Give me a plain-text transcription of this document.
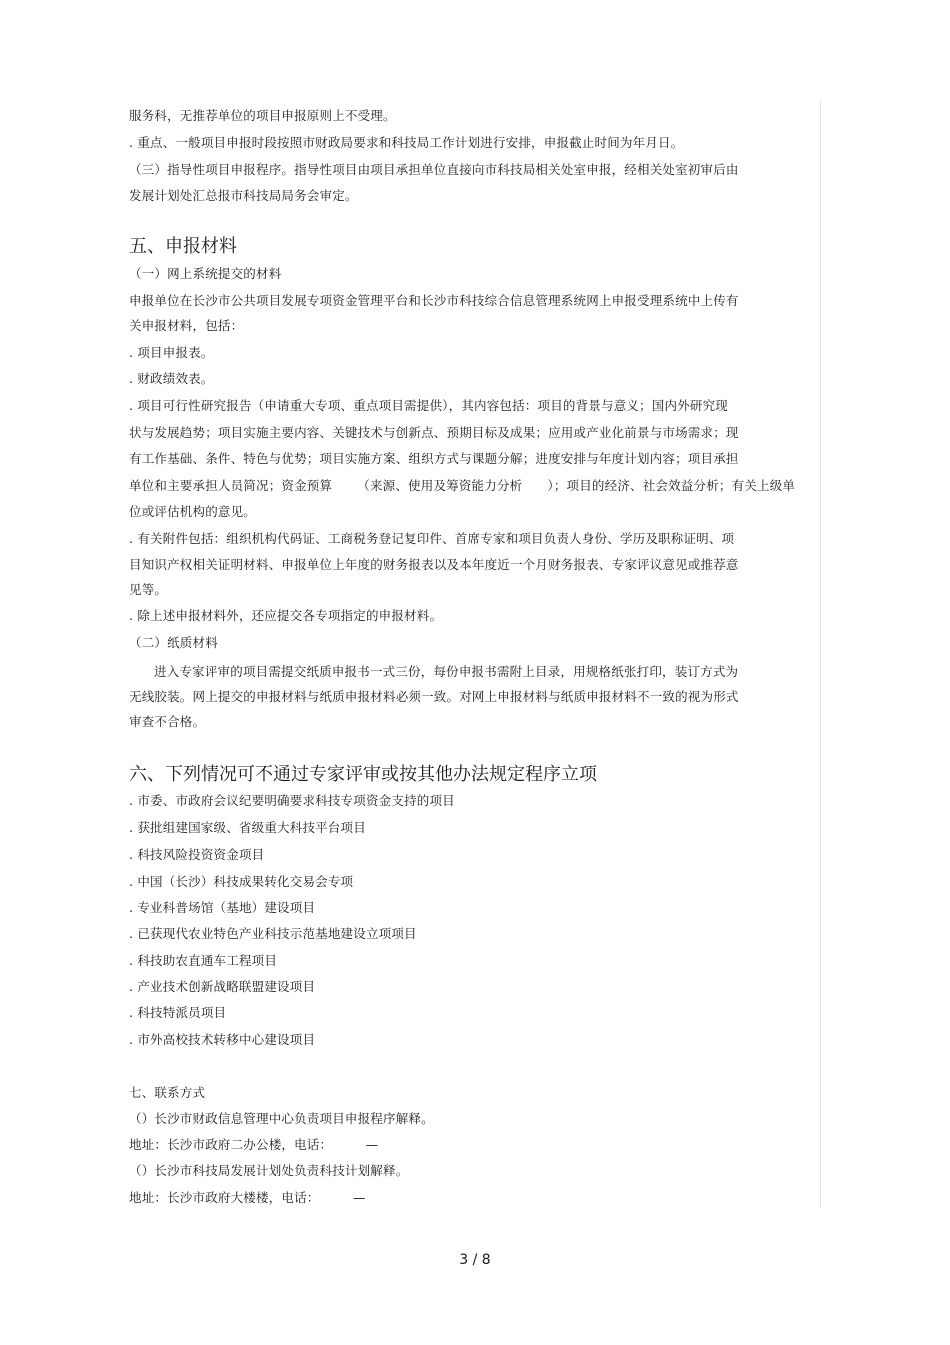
服务科，无推荐单位的项目申报原则上不受理。
. 重点、一般项目申报时段按照市财政局要求和科技局工作计划进行安排，申报截止时间为年月日。
（三）指导性项目申报程序。指导性项目由项目承担单位直接向市科技局相关处室申报，经相关处室初审后由
发展计划处汇总报市科技局局务会审定。
五、申报材料
（一）网上系统提交的材料
申报单位在长沙市公共项目发展专项资金管理平台和长沙市科技综合信息管理系统网上申报受理系统中上传有
关申报材料，包括：
. 项目申报表。
. 财政绩效表。
. 项目可行性研究报告（申请重大专项、重点项目需提供），其内容包括：项目的背景与意义；国内外研究现
状与发展趋势；项目实施主要内容、关键技术与创新点、预期目标及成果；应用或产业化前景与市场需求；现
有工作基础、条件、特色与优势；项目实施方案、组织方式与课题分解；进度安排与年度计划内容；项目承担
单位和主要承担人员简况；资金预算      （来源、使用及筹资能力分析      ）；项目的经济、社会效益分析；有关上级单
位或评估机构的意见。
. 有关附件包括：组织机构代码证、工商税务登记复印件、首席专家和项目负责人身份、学历及职称证明、项
目知识产权相关证明材料、申报单位上年度的财务报表以及本年度近一个月财务报表、专家评议意见或推荐意
见等。
. 除上述申报材料外，还应提交各专项指定的申报材料。
（二）纸质材料
进入专家评审的项目需提交纸质申报书一式三份，每份申报书需附上目录，用规格纸张打印，装订方式为
无线胶装。网上提交的申报材料与纸质申报材料必须一致。对网上申报材料与纸质申报材料不一致的视为形式
审查不合格。
六、下列情况可不通过专家评审或按其他办法规定程序立项
. 市委、市政府会议纪要明确要求科技专项资金支持的项目
. 获批组建国家级、省级重大科技平台项目
. 科技风险投资资金项目
. 中国（长沙）科技成果转化交易会专项
. 专业科普场馆（基地）建设项目
. 已获现代农业特色产业科技示范基地建设立项项目
. 科技助农直通车工程项目
. 产业技术创新战略联盟建设项目
. 科技特派员项目
. 市外高校技术转移中心建设项目
七、联系方式
（）长沙市财政信息管理中心负责项目申报程序解释。
地址：长沙市政府二办公楼，电话：        —
（）长沙市科技局发展计划处负责科技计划解释。
地址：长沙市政府大楼楼，电话：        —
3 / 8
